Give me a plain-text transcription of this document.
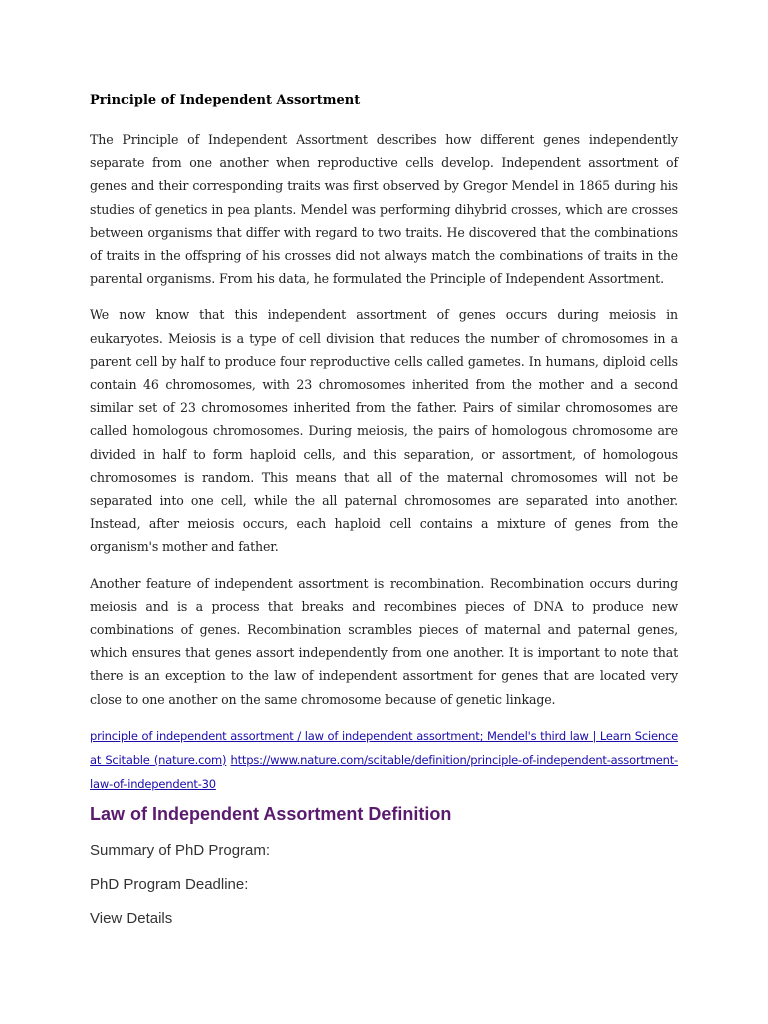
Principle of Independent Assortment

The Principle of Independent Assortment describes how different genes independently separate from one another when reproductive cells develop. Independent assortment of genes and their corresponding traits was first observed by Gregor Mendel in 1865 during his studies of genetics in pea plants. Mendel was performing dihybrid crosses, which are crosses between organisms that differ with regard to two traits. He discovered that the combinations of traits in the offspring of his crosses did not always match the combinations of traits in the parental organisms. From his data, he formulated the Principle of Independent Assortment.

We now know that this independent assortment of genes occurs during meiosis in eukaryotes. Meiosis is a type of cell division that reduces the number of chromosomes in a parent cell by half to produce four reproductive cells called gametes. In humans, diploid cells contain 46 chromosomes, with 23 chromosomes inherited from the mother and a second similar set of 23 chromosomes inherited from the father. Pairs of similar chromosomes are called homologous chromosomes. During meiosis, the pairs of homologous chromosome are divided in half to form haploid cells, and this separation, or assortment, of homologous chromosomes is random. This means that all of the maternal chromosomes will not be separated into one cell, while the all paternal chromosomes are separated into another. Instead, after meiosis occurs, each haploid cell contains a mixture of genes from the organism's mother and father.

Another feature of independent assortment is recombination. Recombination occurs during meiosis and is a process that breaks and recombines pieces of DNA to produce new combinations of genes. Recombination scrambles pieces of maternal and paternal genes, which ensures that genes assort independently from one another. It is important to note that there is an exception to the law of independent assortment for genes that are located very close to one another on the same chromosome because of genetic linkage.

principle of independent assortment / law of independent assortment; Mendel's third law | Learn Science at Scitable (nature.com) https://www.nature.com/scitable/definition/principle-of-independent-assortment-law-of-independent-30

Law of Independent Assortment Definition

Summary of PhD Program:

PhD Program Deadline:

View Details
